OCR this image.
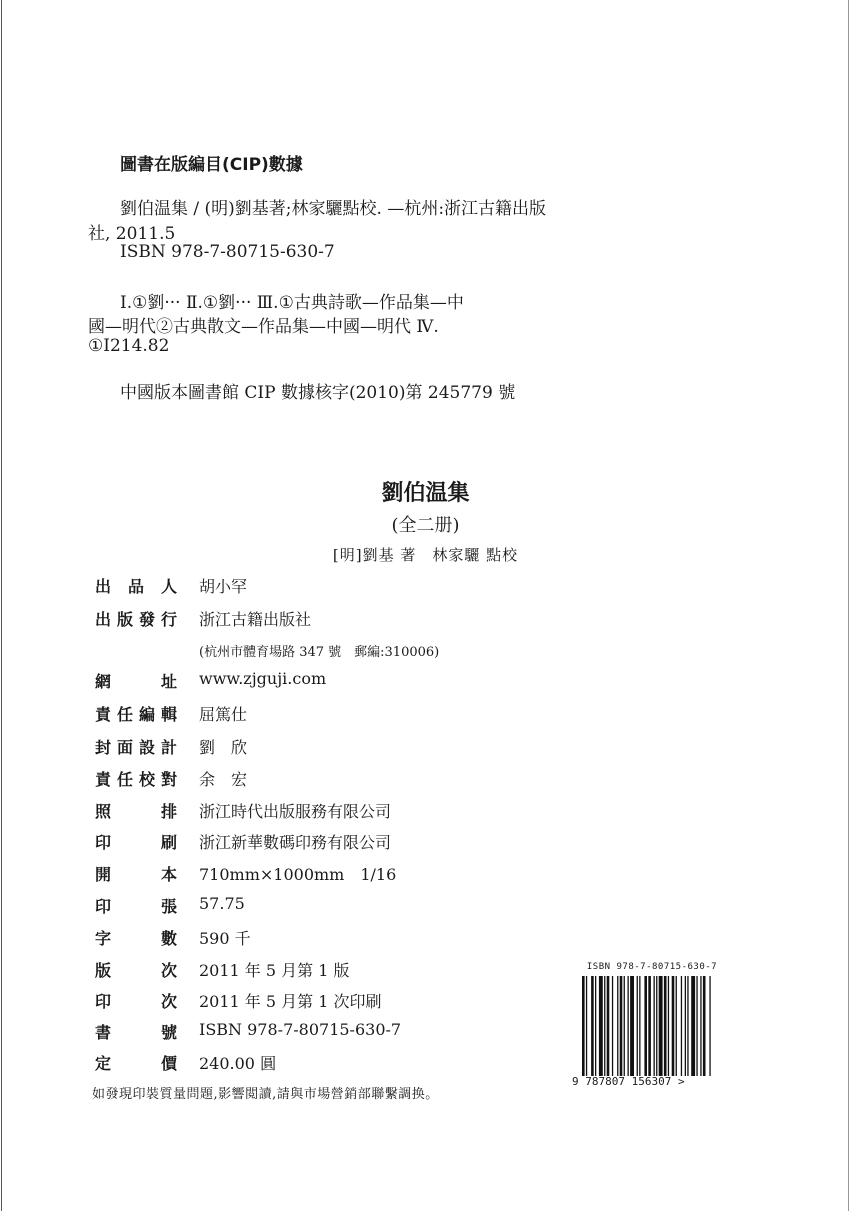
圖書在版編目(CIP)數據
劉伯温集 / (明)劉基著;林家驪點校. —杭州:浙江古籍出版
社, 2011.5
ISBN 978-7-80715-630-7
Ⅰ.①劉··· Ⅱ.①劉··· Ⅲ.①古典詩歌—作品集—中
國—明代②古典散文—作品集—中國—明代 Ⅳ.
①I214.82
中國版本圖書館 CIP 數據核字(2010)第 245779 號
劉伯温集
(全二册)
[明]劉基 著　林家驪 點校
出品人 胡小罕
出版發行 浙江古籍出版社
(杭州市體育場路 347 號　郵編:310006)
網址 www.zjguji.com
責任編輯 屈篤仕
封面設計 劉　欣
責任校對 余　宏
照排 浙江時代出版服務有限公司
印刷 浙江新華數碼印務有限公司
開本 710mm×1000mm　1/16
印張 57.75
字數 590 千
版次 2011 年 5 月第 1 版
印次 2011 年 5 月第 1 次印刷
書號 ISBN 978-7-80715-630-7
定價 240.00 圓
如發現印裝質量問題,影響閲讀,請與市場營銷部聯繫調换。
ISBN 978-7-80715-630-7
9 787807 156307 >
